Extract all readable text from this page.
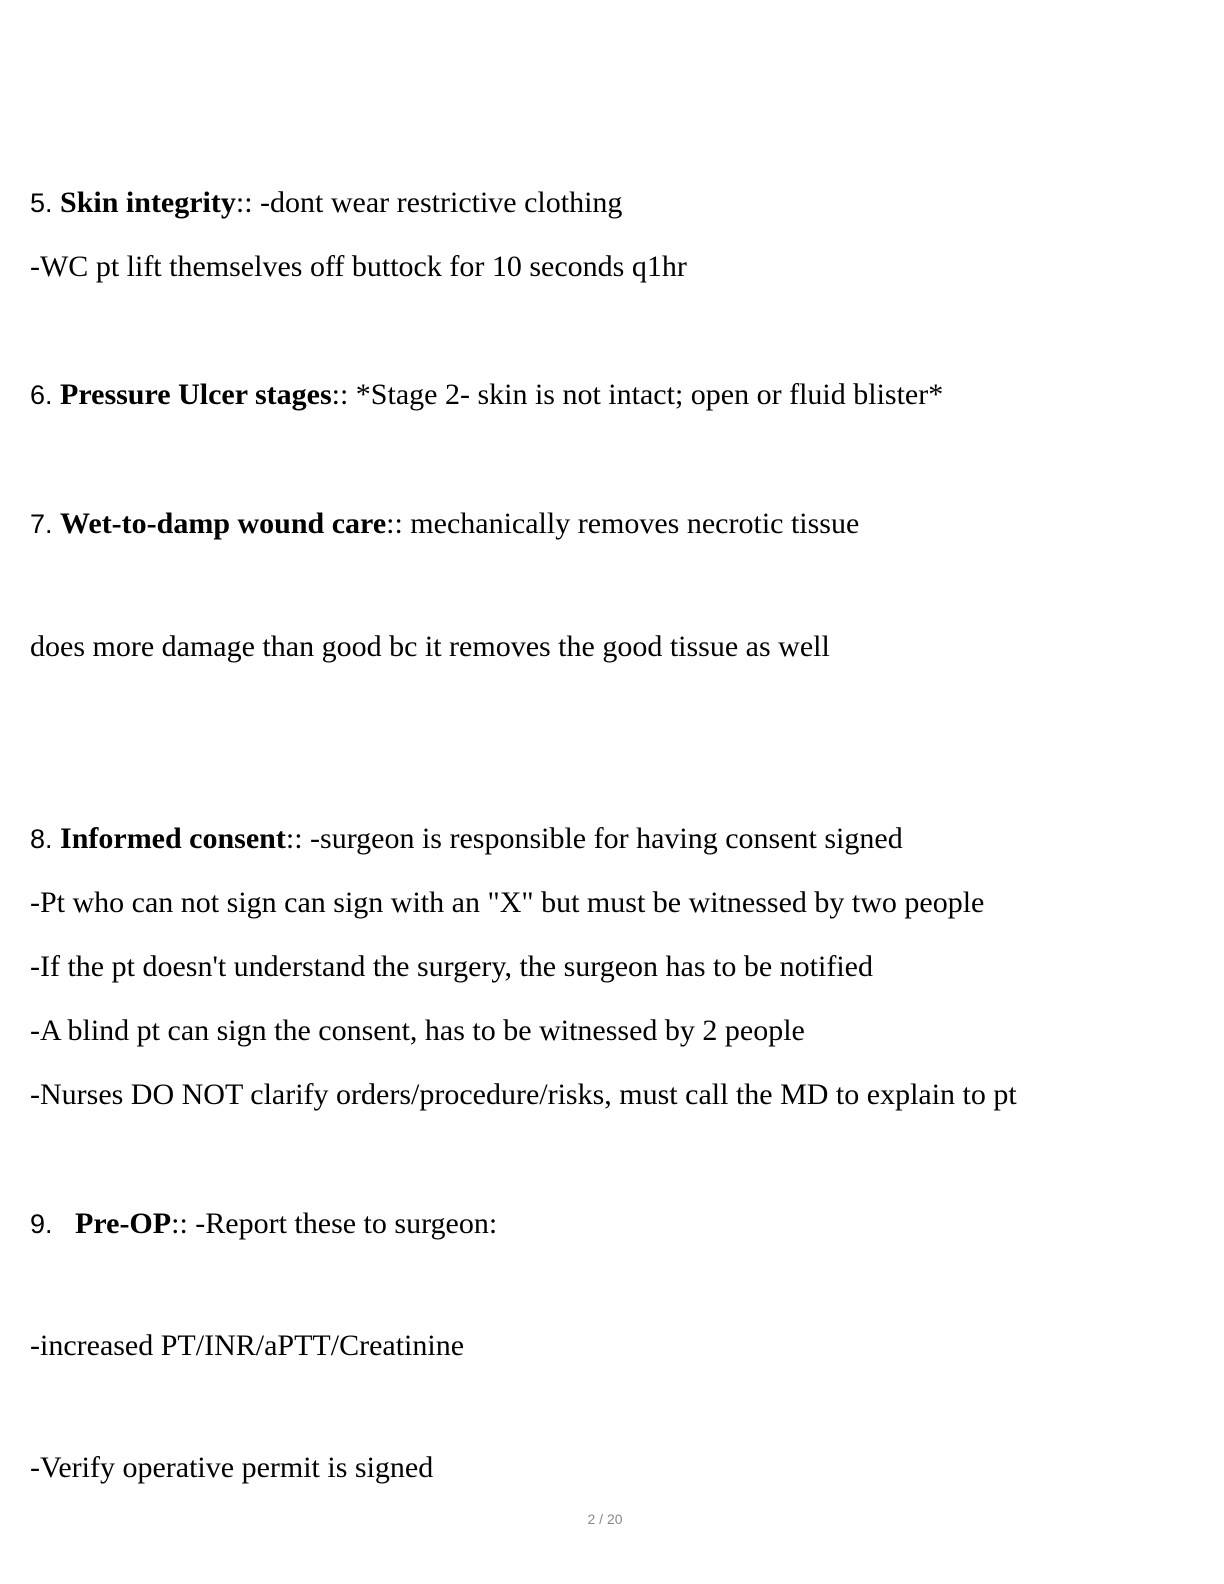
5. Skin integrity:: -dont wear restrictive clothing
-WC pt lift themselves off buttock for 10 seconds q1hr
6. Pressure Ulcer stages:: *Stage 2- skin is not intact; open or fluid blister*
7. Wet-to-damp wound care:: mechanically removes necrotic tissue
does more damage than good bc it removes the good tissue as well
8. Informed consent:: -surgeon is responsible for having consent signed
-Pt who can not sign can sign with an "X" but must be witnessed by two people
-If the pt doesn't understand the surgery, the surgeon has to be notified
-A blind pt can sign the consent, has to be witnessed by 2 people
-Nurses DO NOT clarify orders/procedure/risks, must call the MD to explain to pt
9.   Pre-OP:: -Report these to surgeon:
-increased PT/INR/aPTT/Creatinine
-Verify operative permit is signed
2 / 20
